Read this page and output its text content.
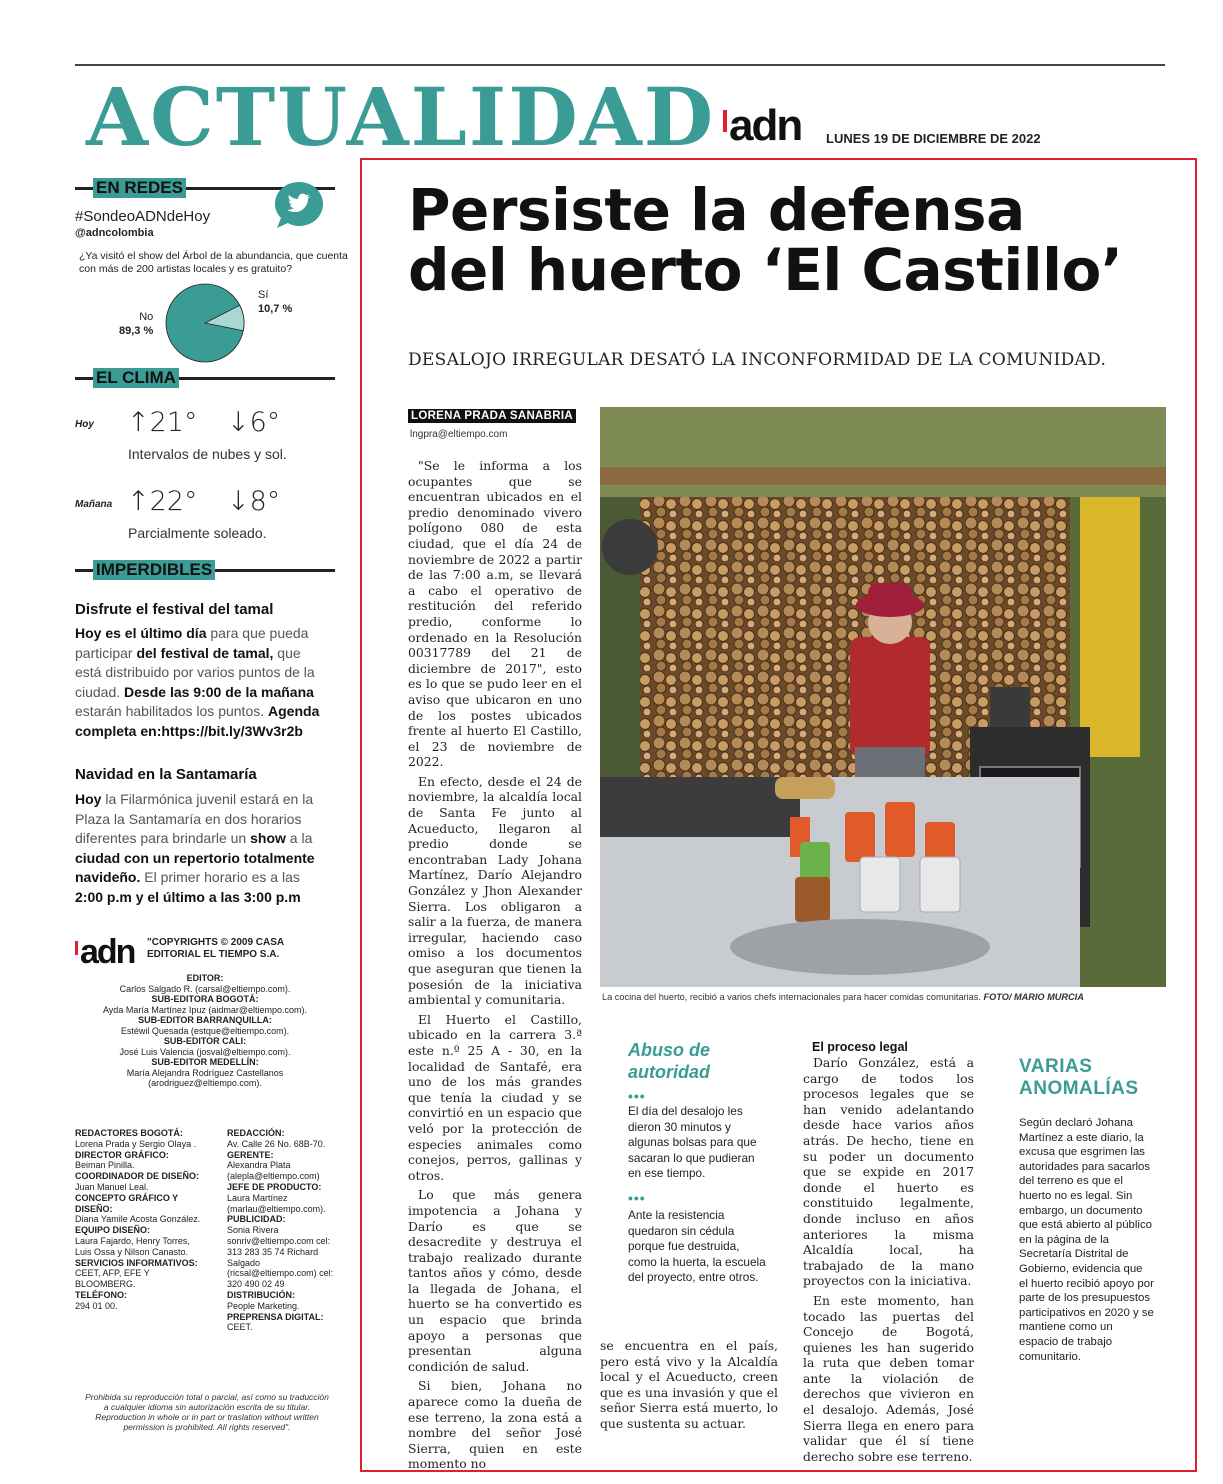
ACTUALIDAD adn LUNES 19 DE DICIEMBRE DE 2022
EN REDES
#SondeoADNdeHoy
@adncolombia
¿Ya visitó el show del Árbol de la abundancia, que cuenta con más de 200 artistas locales y es gratuito?
No
89,3 %
Sí
10,7 %
EL CLIMA
Hoy ↑21° ↓6°
Intervalos de nubes y sol.
Mañana ↑22° ↓8°
Parcialmente soleado.
IMPERDIBLES
Disfrute el festival del tamal
Hoy es el último día para que pueda participar del festival de tamal, que está distribuido por varios puntos de la ciudad. Desde las 9:00 de la mañana estarán habilitados los puntos. Agenda completa en:https://bit.ly/3Wv3r2b
Navidad en la Santamaría
Hoy la Filarmónica juvenil estará en la Plaza la Santamaría en dos horarios diferentes para brindarle un show a la ciudad con un repertorio totalmente navideño. El primer horario es a las 2:00 p.m y el último a las 3:00 p.m
adn "COPYRIGHTS © 2009 CASA EDITORIAL EL TIEMPO S.A.
EDITOR:
Carlos Salgado R. (carsal@eltiempo.com).
SUB-EDITORA BOGOTÁ:
Ayda María Martínez Ipuz (aidmar@eltiempo.com).
SUB-EDITOR BARRANQUILLA:
Estéwil Quesada (estque@eltiempo.com).
SUB-EDITOR CALI:
José Luis Valencia (josval@eltiempo.com).
SUB-EDITOR MEDELLÍN:
María Alejandra Rodríguez Castellanos (arodriguez@eltiempo.com).
REDACTORES BOGOTÁ:
Lorena Prada y Sergio Olaya .
DIRECTOR GRÁFICO:
Beiman Pinilla.
COORDINADOR DE DISEÑO:
Juan Manuel Leal.
CONCEPTO GRÁFICO Y DISEÑO:
Diana Yamile Acosta González.
EQUIPO DISEÑO:
Laura Fajardo, Henry Torres, Luis Ossa y Nilson Canasto.
SERVICIOS INFORMATIVOS:
CEET, AFP, EFE Y BLOOMBERG.
TELÉFONO:
294 01 00.
REDACCIÓN:
Av. Calle 26 No. 68B-70.
GERENTE:
Alexandra Plata (alepla@eltiempo.com)
JEFE DE PRODUCTO:
Laura Martínez (marlau@eltiempo.com).
PUBLICIDAD:
Sonia Rivera sonriv@eltiempo.com cel: 313 283 35 74 Richard Salgado (ricsal@eltiempo.com) cel: 320 490 02 49
DISTRIBUCIÓN:
People Marketing.
PREPRENSA DIGITAL:
CEET.
Prohibida su reproducción total o parcial, así como su traducción a cualquier idioma sin autorización escrita de su titular. Reproduction in whole or in part or traslation without written permission is prohibited. All rights reserved".
Persiste la defensa
del huerto ‘El Castillo’
DESALOJO IRREGULAR DESATÓ LA INCONFORMIDAD DE LA COMUNIDAD.
LORENA PRADA SANABRIA
lngpra@eltiempo.com

"Se le informa a los ocupantes que se encuentran ubicados en el predio denominado vivero polígono 080 de esta ciudad, que el día 24 de noviembre de 2022 a partir de las 7:00 a.m, se llevará a cabo el operativo de restitución del referido predio, conforme lo ordenado en la Resolución 00317789 del 21 de diciembre de 2017", esto es lo que se pudo leer en el aviso que ubicaron en uno de los postes ubicados frente al huerto El Castillo, el 23 de noviembre de 2022.

En efecto, desde el 24 de noviembre, la alcaldía local de Santa Fe junto al Acueducto, llegaron al predio donde se encontraban Lady Johana Martínez, Darío Alejandro González y Jhon Alexander Sierra. Los obligaron a salir a la fuerza, de manera irregular, haciendo caso omiso a los documentos que aseguran que tienen la posesión de la iniciativa ambiental y comunitaria.

El Huerto el Castillo, ubicado en la carrera 3.ª este n.º 25 A - 30, en la localidad de Santafé, era uno de los más grandes que tenía la ciudad y se convirtió en un espacio que veló por la protección de especies animales como conejos, perros, gallinas y otros.

Lo que más genera impotencia a Johana y Darío es que se desacredite y destruya el trabajo realizado durante tantos años y cómo, desde la llegada de Johana, el huerto se ha convertido es un espacio que brinda apoyo a personas que presentan alguna condición de salud.

Si bien, Johana no aparece como la dueña de ese terreno, la zona está a nombre del señor José Sierra, quien en este momento no

La cocina del huerto, recibió a varios chefs internacionales para hacer comidas comunitarias. FOTO/ MARIO MURCIA
Abuso de autoridad
•••
El día del desalojo les dieron 30 minutos y algunas bolsas para que sacaran lo que pudieran en ese tiempo.
•••
Ante la resistencia quedaron sin cédula porque fue destruida, como la huerta, la escuela del proyecto, entre otros.

se encuentra en el país, pero está vivo y la Alcaldía local y el Acueducto, creen que es una invasión y que el señor Sierra está muerto, lo que sustenta su actuar.

El proceso legal

Darío González, está a cargo de todos los procesos legales que se han venido adelantando desde hace varios años atrás. De hecho, tiene en su poder un documento que se expide en 2017 donde el huerto es constituido legalmente, donde incluso en años anteriores la misma Alcaldía local, ha trabajado de la mano proyectos con la iniciativa.

En este momento, han tocado las puertas del Concejo de Bogotá, quienes les han sugerido la ruta que deben tomar ante la violación de derechos que vivieron en el desalojo. Además, José Sierra llega en enero para validar que él sí tiene derecho sobre ese terreno.

VARIAS ANOMALÍAS
Según declaró Johana Martínez a este diario, la excusa que esgrimen las autoridades para sacarlos del terreno es que el huerto no es legal. Sin embargo, un documento que está abierto al público en la página de la Secretaría Distrital de Gobierno, evidencia que el huerto recibió apoyo por parte de los presupuestos participativos en 2020 y se mantiene como un espacio de trabajo comunitario.
